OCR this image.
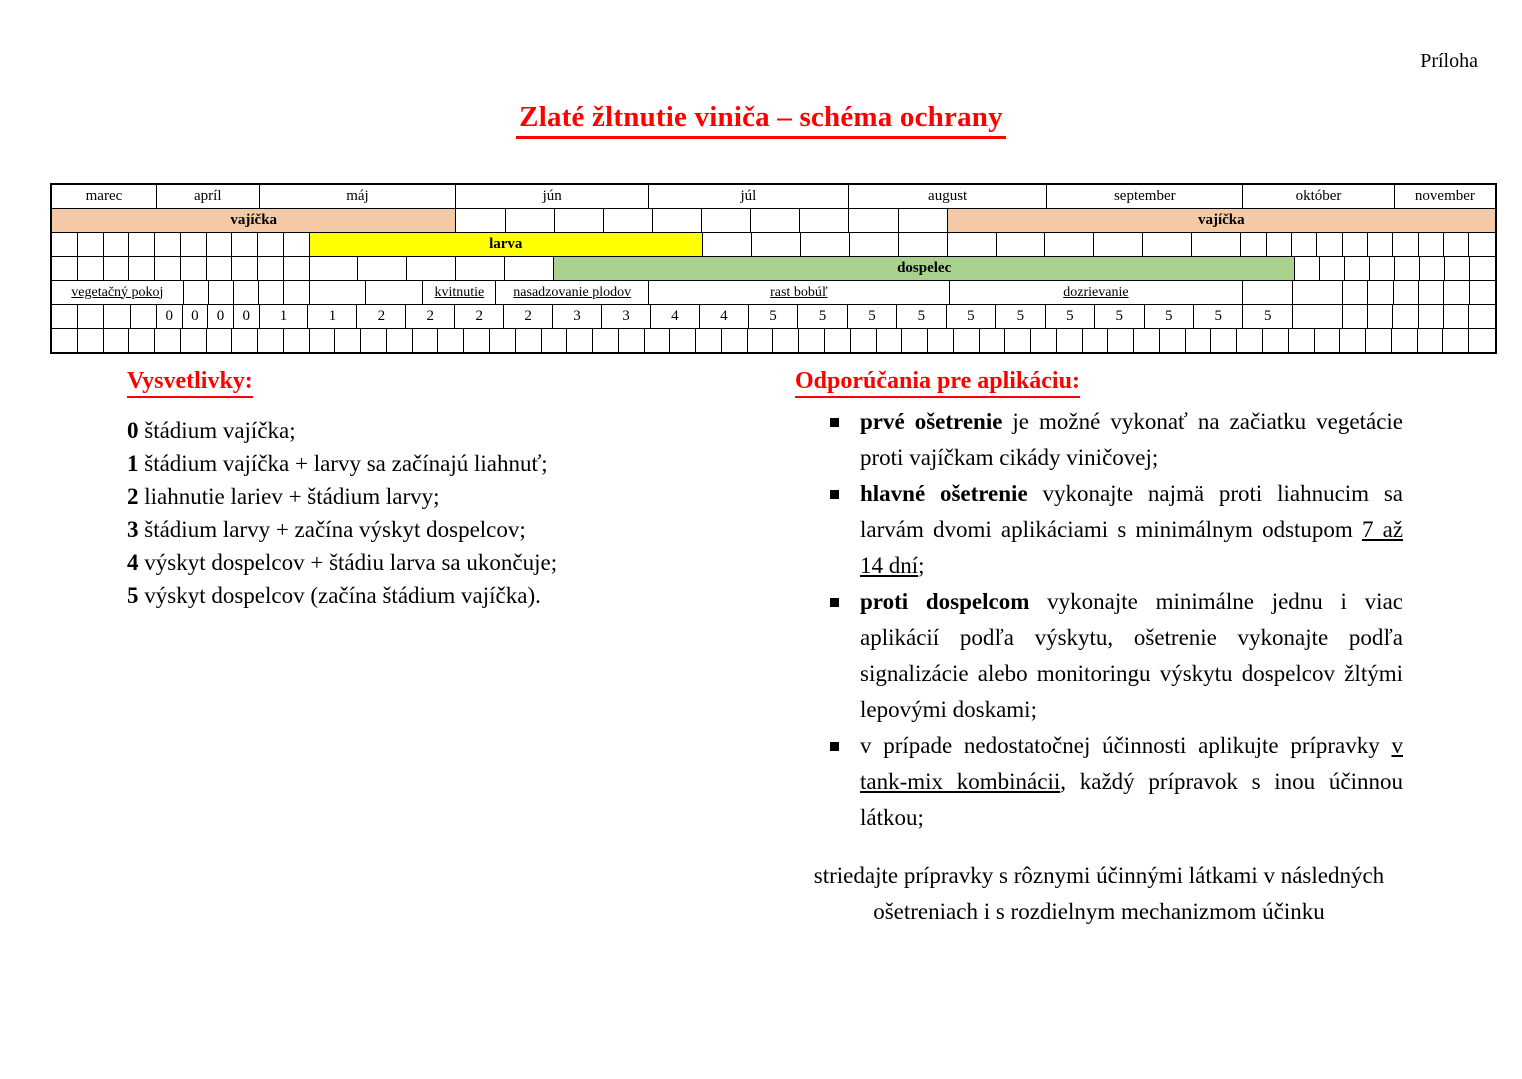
Príloha
Zlaté žltnutie viniča – schéma ochrany
marec	apríl	máj	jún	júl	august	september	október	november
vajíčka	vajíčka
larva
dospelec
vegetačný pokoj	kvitnutie	nasadzovanie plodov	rast bobúľ	dozrievanie
0	0	0	0	1	1	2	2	2	2	3	3	4	4	5	5	5	5	5	5	5	5	5	5	5
Vysvetlivky:
0 štádium vajíčka;
1 štádium vajíčka + larvy sa začínajú liahnuť;
2 liahnutie lariev + štádium larvy;
3 štádium larvy + začína výskyt dospelcov;
4 výskyt dospelcov + štádiu larva sa ukončuje;
5 výskyt dospelcov (začína štádium vajíčka).
Odporúčania pre aplikáciu:
prvé ošetrenie je možné vykonať na začiatku vegetácie proti vajíčkam cikády viničovej;
hlavné ošetrenie vykonajte najmä proti liahnucim sa larvám dvomi aplikáciami s minimálnym odstupom 7 až 14 dní;
proti dospelcom vykonajte minimálne jednu i viac aplikácií podľa výskytu, ošetrenie vykonajte podľa signalizácie alebo monitoringu výskytu dospelcov žltými lepovými doskami;
v prípade nedostatočnej účinnosti aplikujte prípravky v tank-mix kombinácii, každý prípravok s inou účinnou látkou;
striedajte prípravky s rôznymi účinnými látkami v následných ošetreniach i s rozdielnym mechanizmom účinku
